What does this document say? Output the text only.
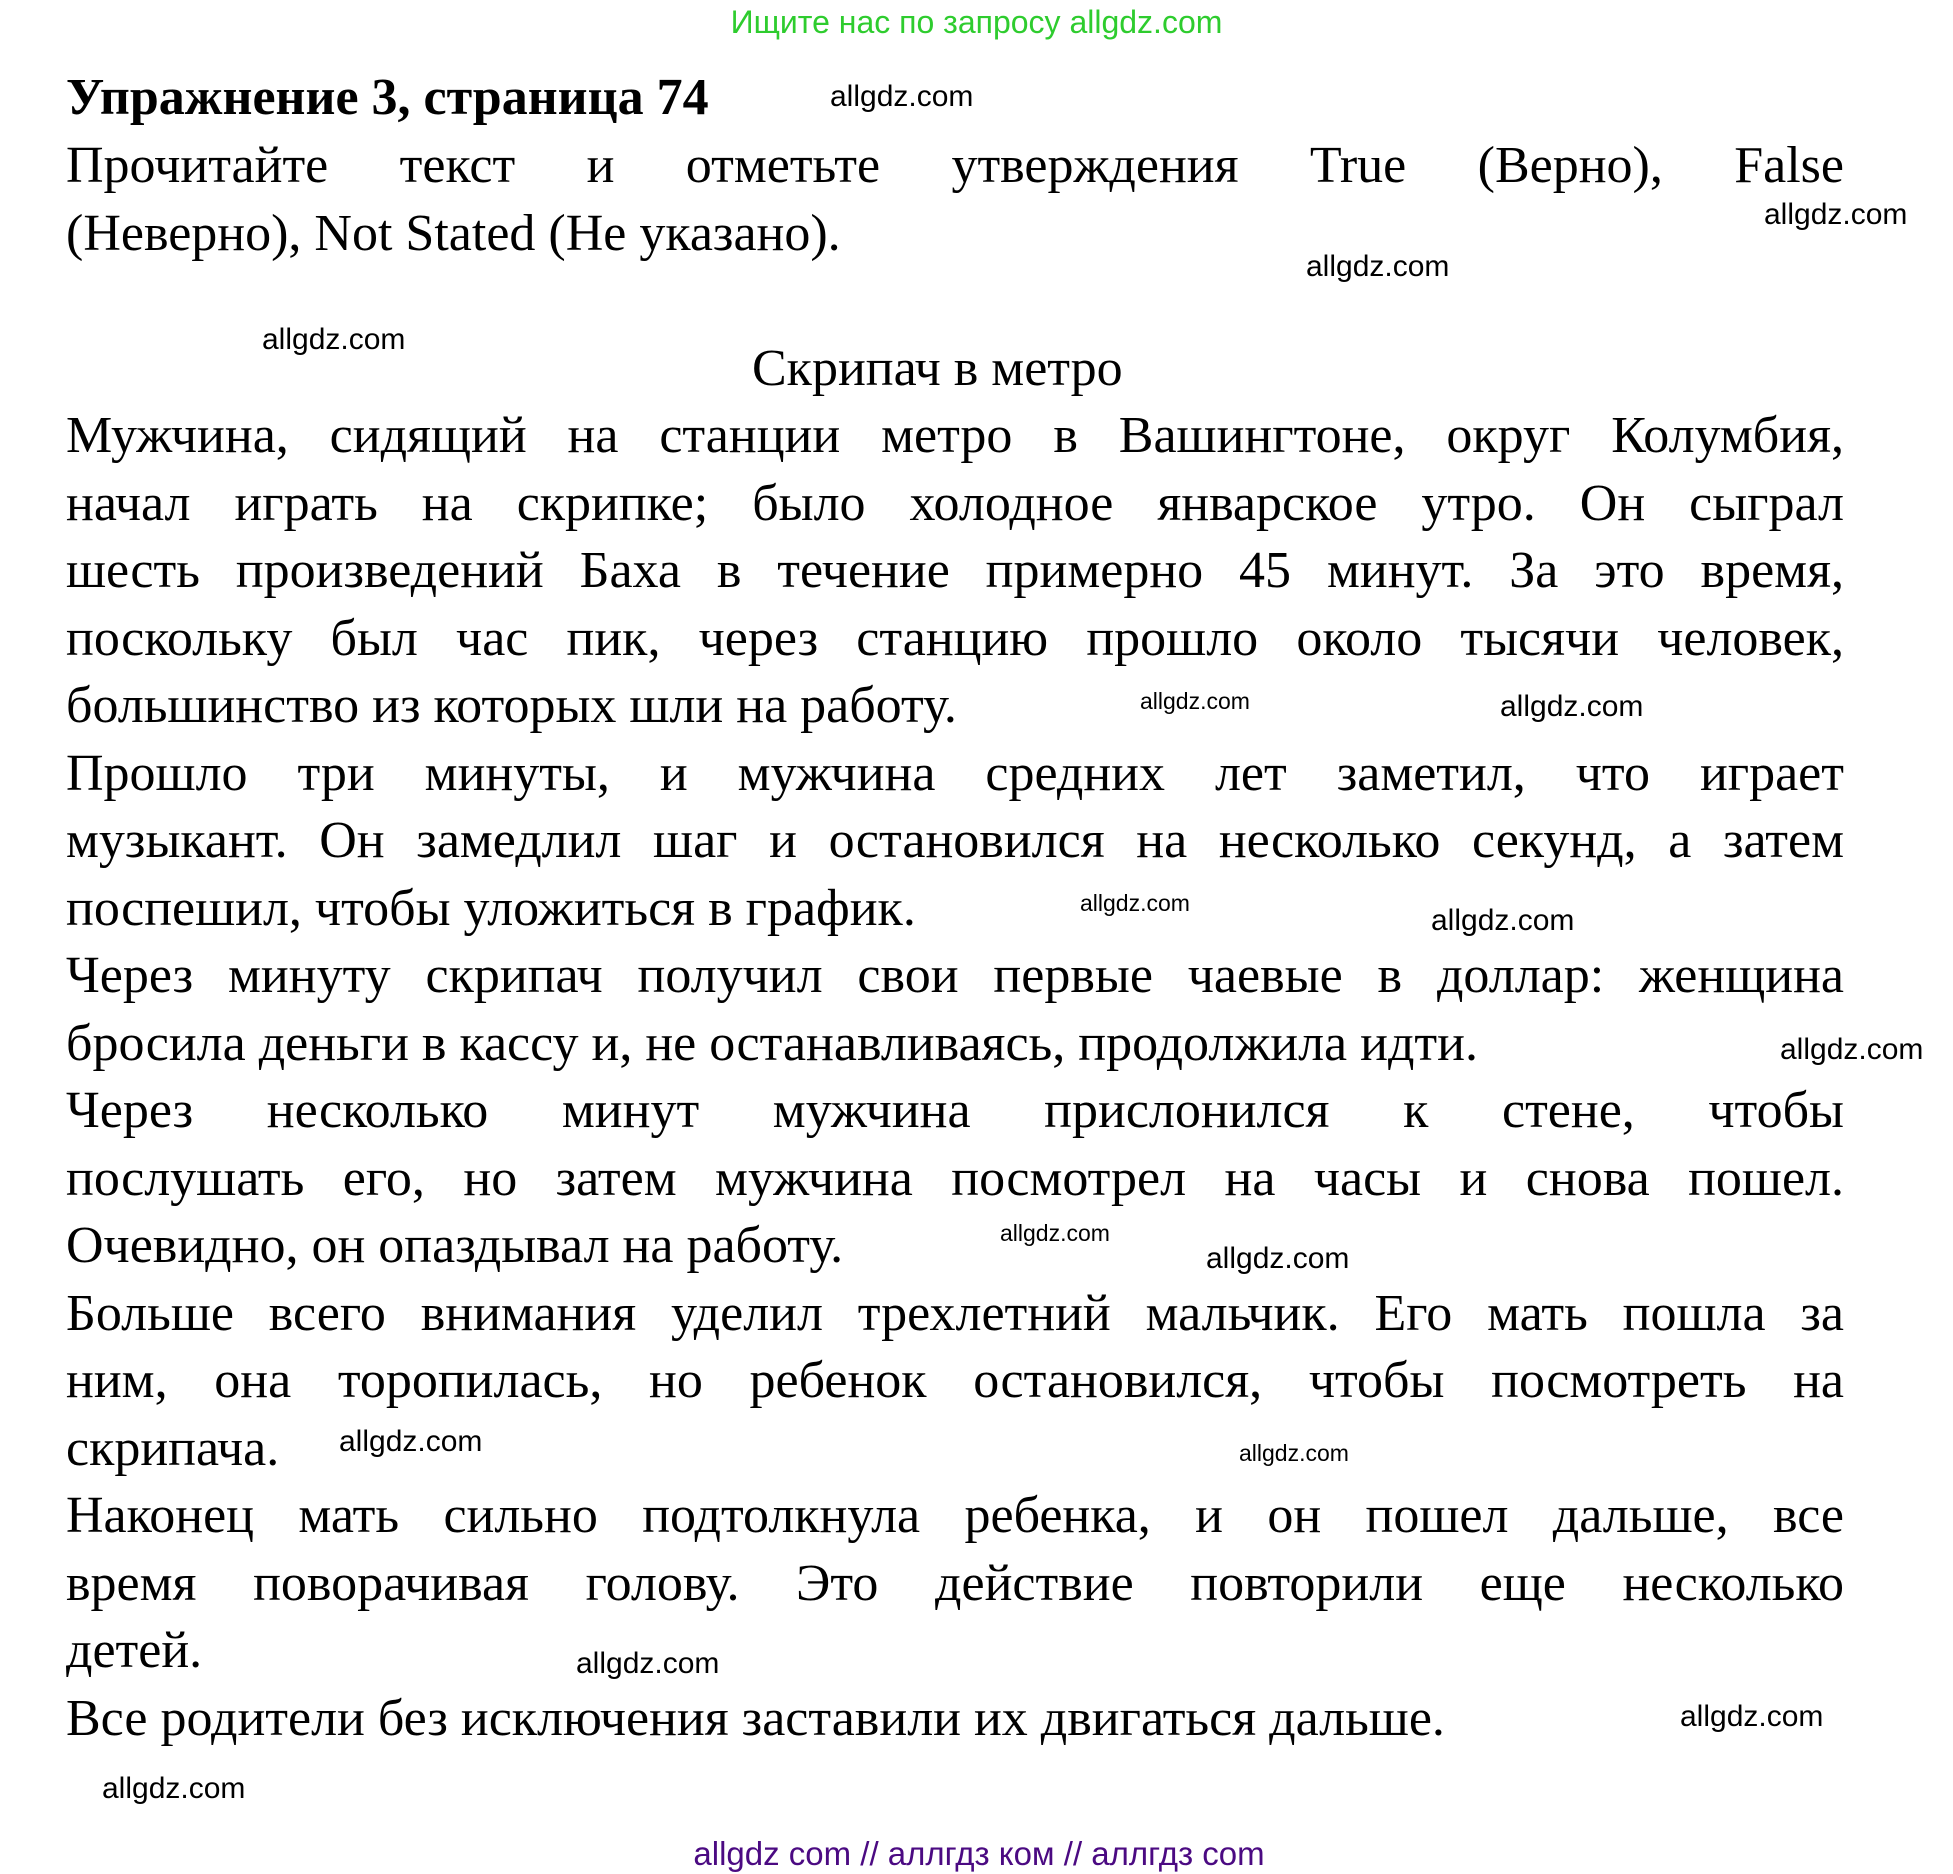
Ищите нас по запросу allgdz.com
Упражнение 3, страница 74
Прочитайте текст и отметьте утверждения True (Верно), False
(Неверно), Not Stated (Не указано).
Скрипач в метро
Мужчина, сидящий на станции метро в Вашингтоне, округ Колумбия,
начал играть на скрипке; было холодное январское утро. Он сыграл
шесть произведений Баха в течение примерно 45 минут. За это время,
поскольку был час пик, через станцию прошло около тысячи человек,
большинство из которых шли на работу.
Прошло три минуты, и мужчина средних лет заметил, что играет
музыкант. Он замедлил шаг и остановился на несколько секунд, а затем
поспешил, чтобы уложиться в график.
Через минуту скрипач получил свои первые чаевые в доллар: женщина
бросила деньги в кассу и, не останавливаясь, продолжила идти.
Через несколько минут мужчина прислонился к стене, чтобы
послушать его, но затем мужчина посмотрел на часы и снова пошел.
Очевидно, он опаздывал на работу.
Больше всего внимания уделил трехлетний мальчик. Его мать пошла за
ним, она торопилась, но ребенок остановился, чтобы посмотреть на
скрипача.
Наконец мать сильно подтолкнула ребенка, и он пошел дальше, все
время поворачивая голову. Это действие повторили еще несколько
детей.
Все родители без исключения заставили их двигаться дальше.
allgdz.com
allgdz.com
allgdz.com
allgdz.com
allgdz.com	allgdz.com
allgdz.com
allgdz.com
allgdz.com
allgdz.com
allgdz.com
allgdz.com	allgdz.com
allgdz.com
allgdz.com
allgdz.com
allgdz com // аллгдз ком // аллгдз com
